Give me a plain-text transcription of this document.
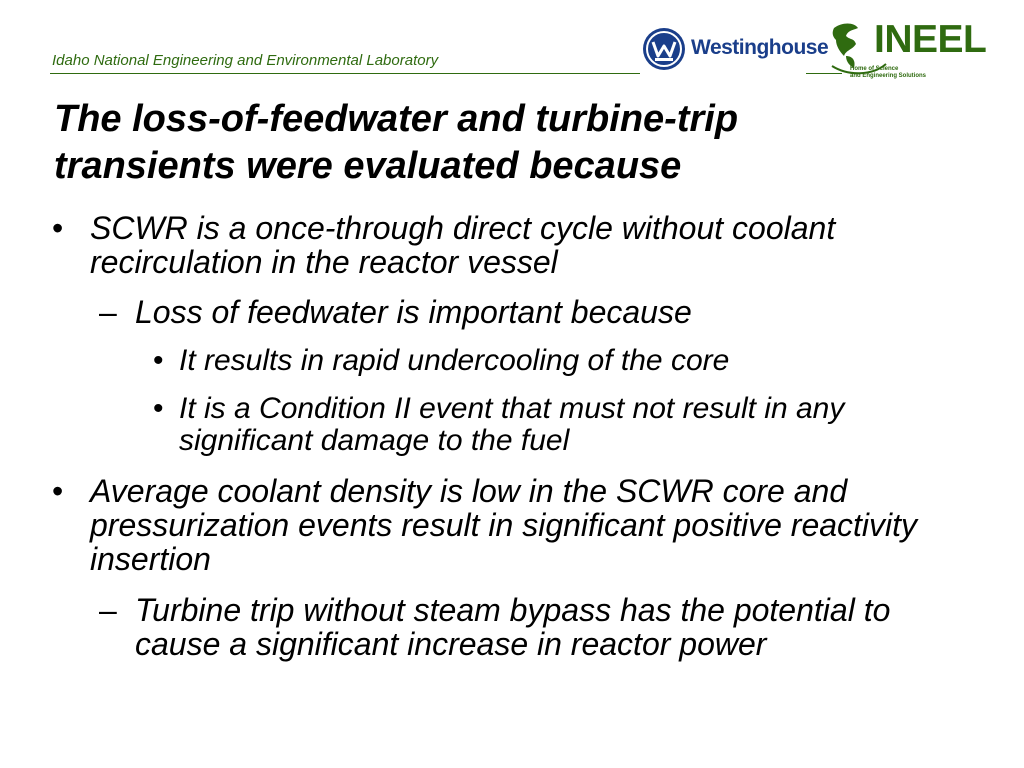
Idaho National Engineering and Environmental Laboratory
Westinghouse INEEL
Home of Science
and Engineering Solutions
The loss-of-feedwater and turbine-trip
transients were evaluated because
• SCWR is a once-through direct cycle without coolant recirculation in the reactor vessel
– Loss of feedwater is important because
• It results in rapid undercooling of the core
• It is a Condition II event that must not result in any significant damage to the fuel
• Average coolant density is low in the SCWR core and pressurization events result in significant positive reactivity insertion
– Turbine trip without steam bypass has the potential to cause a significant increase in reactor power
